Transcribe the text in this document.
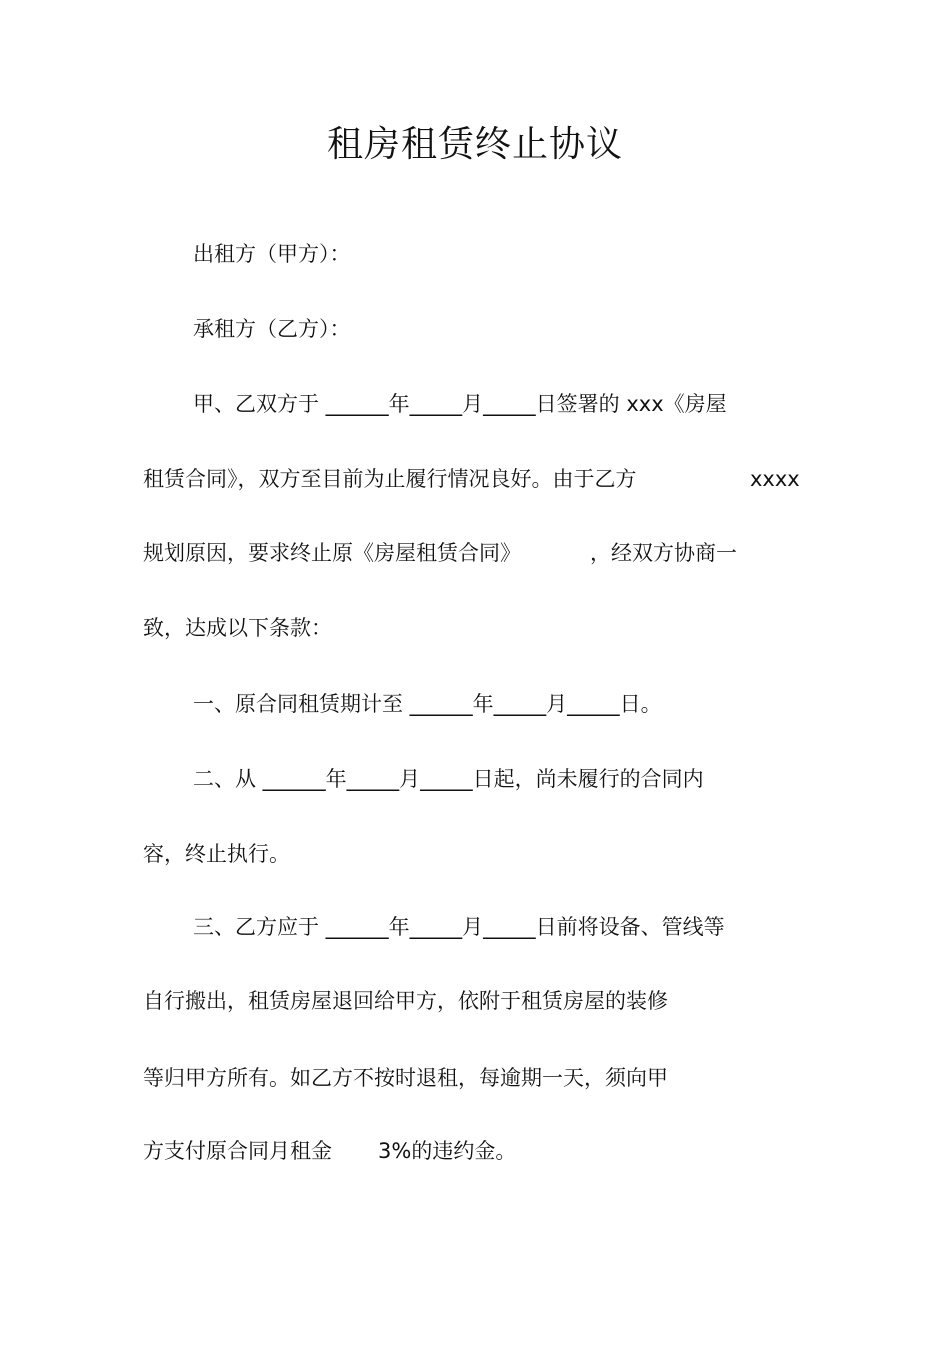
租房租赁终止协议
出租方（甲方）：
承租方（乙方）：
甲、乙双方于 ______年_____月_____日签署的 xxx《房屋
租赁合同》，双方至目前为止履行情况良好。由于乙方	xxxx
规划原因，要求终止原《房屋租赁合同》	，经双方协商一
致，达成以下条款：
一、原合同租赁期计至 ______年_____月_____日。
二、从 ______年_____月_____日起，尚未履行的合同内
容，终止执行。
三、乙方应于 ______年_____月_____日前将设备、管线等
自行搬出，租赁房屋退回给甲方，依附于租赁房屋的装修
等归甲方所有。如乙方不按时退租，每逾期一天，须向甲
方支付原合同月租金 3%的违约金。
